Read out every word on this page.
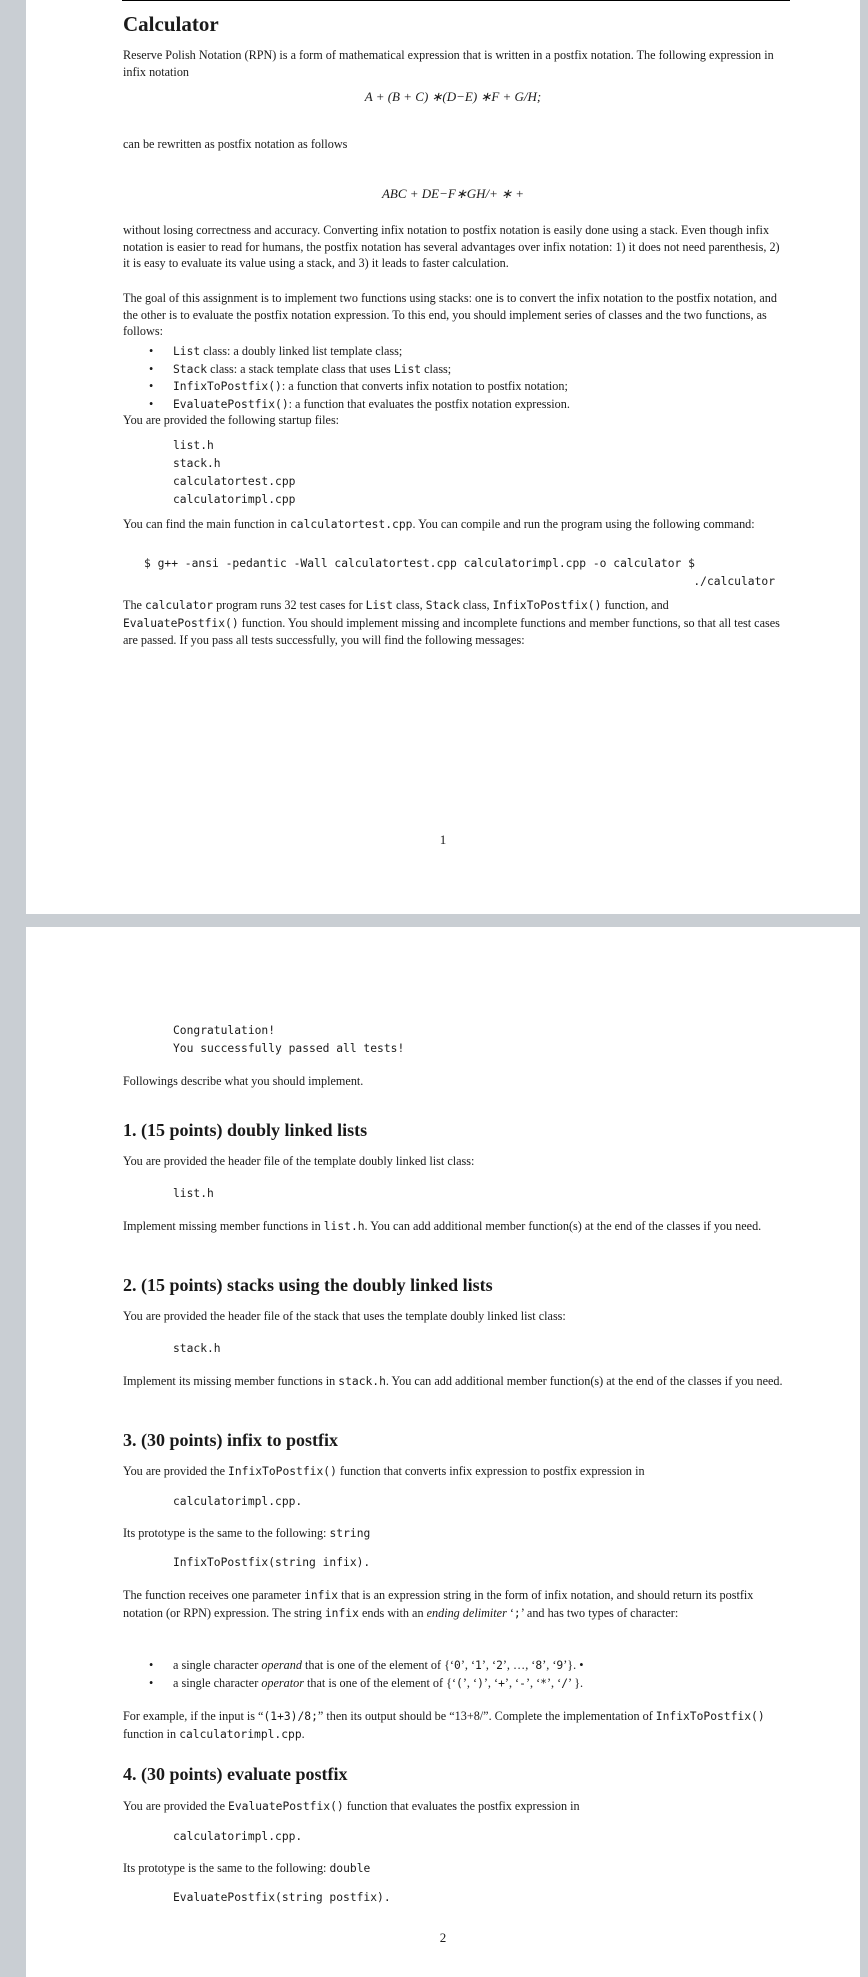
Calculator

Reserve Polish Notation (RPN) is a form of mathematical expression that is written in a postfix notation. The following expression in infix notation

A + (B + C) ∗(D−E) ∗F + G/H;

can be rewritten as postfix notation as follows

ABC + DE−F∗GH/+ ∗ +

without losing correctness and accuracy. Converting infix notation to postfix notation is easily done using a stack. Even though infix notation is easier to read for humans, the postfix notation has several advantages over infix notation: 1) it does not need parenthesis, 2) it is easy to evaluate its value using a stack, and 3) it leads to faster calculation.

The goal of this assignment is to implement two functions using stacks: one is to convert the infix notation to the postfix notation, and the other is to evaluate the postfix notation expression. To this end, you should implement series of classes and the two functions, as follows:

• List class: a doubly linked list template class;
• Stack class: a stack template class that uses List class;
• InfixToPostfix(): a function that converts infix notation to postfix notation;
• EvaluatePostfix(): a function that evaluates the postfix notation expression.

You are provided the following startup files:

list.h
stack.h
calculatortest.cpp
calculatorimpl.cpp

You can find the main function in calculatortest.cpp. You can compile and run the program using the following command:

$ g++ -ansi -pedantic -Wall calculatortest.cpp calculatorimpl.cpp -o calculator $
./calculator

The calculator program runs 32 test cases for List class, Stack class, InfixToPostfix() function, and EvaluatePostfix() function. You should implement missing and incomplete functions and member functions, so that all test cases are passed. If you pass all tests successfully, you will find the following messages:

1
Congratulation!
You successfully passed all tests!

Followings describe what you should implement.

1. (15 points) doubly linked lists

You are provided the header file of the template doubly linked list class:

list.h

Implement missing member functions in list.h. You can add additional member function(s) at the end of the classes if you need.

2. (15 points) stacks using the doubly linked lists

You are provided the header file of the stack that uses the template doubly linked list class:

stack.h

Implement its missing member functions in stack.h. You can add additional member function(s) at the end of the classes if you need.

3. (30 points) infix to postfix

You are provided the InfixToPostfix() function that converts infix expression to postfix expression in

calculatorimpl.cpp.

Its prototype is the same to the following: string

InfixToPostfix(string infix).

The function receives one parameter infix that is an expression string in the form of infix notation, and should return its postfix notation (or RPN) expression. The string infix ends with an ending delimiter ‘;’ and has two types of character:

• a single character operand that is one of the element of {‘0’, ‘1’, ‘2’, …, ‘8’, ‘9’}. •
• a single character operator that is one of the element of {‘(’, ‘)’, ‘+’, ‘-’, ‘*’, ‘/’ }.

For example, if the input is “(1+3)/8;” then its output should be “13+8/”. Complete the implementation of InfixToPostfix() function in calculatorimpl.cpp.

4. (30 points) evaluate postfix

You are provided the EvaluatePostfix() function that evaluates the postfix expression in

calculatorimpl.cpp.

Its prototype is the same to the following: double

EvaluatePostfix(string postfix).
2
